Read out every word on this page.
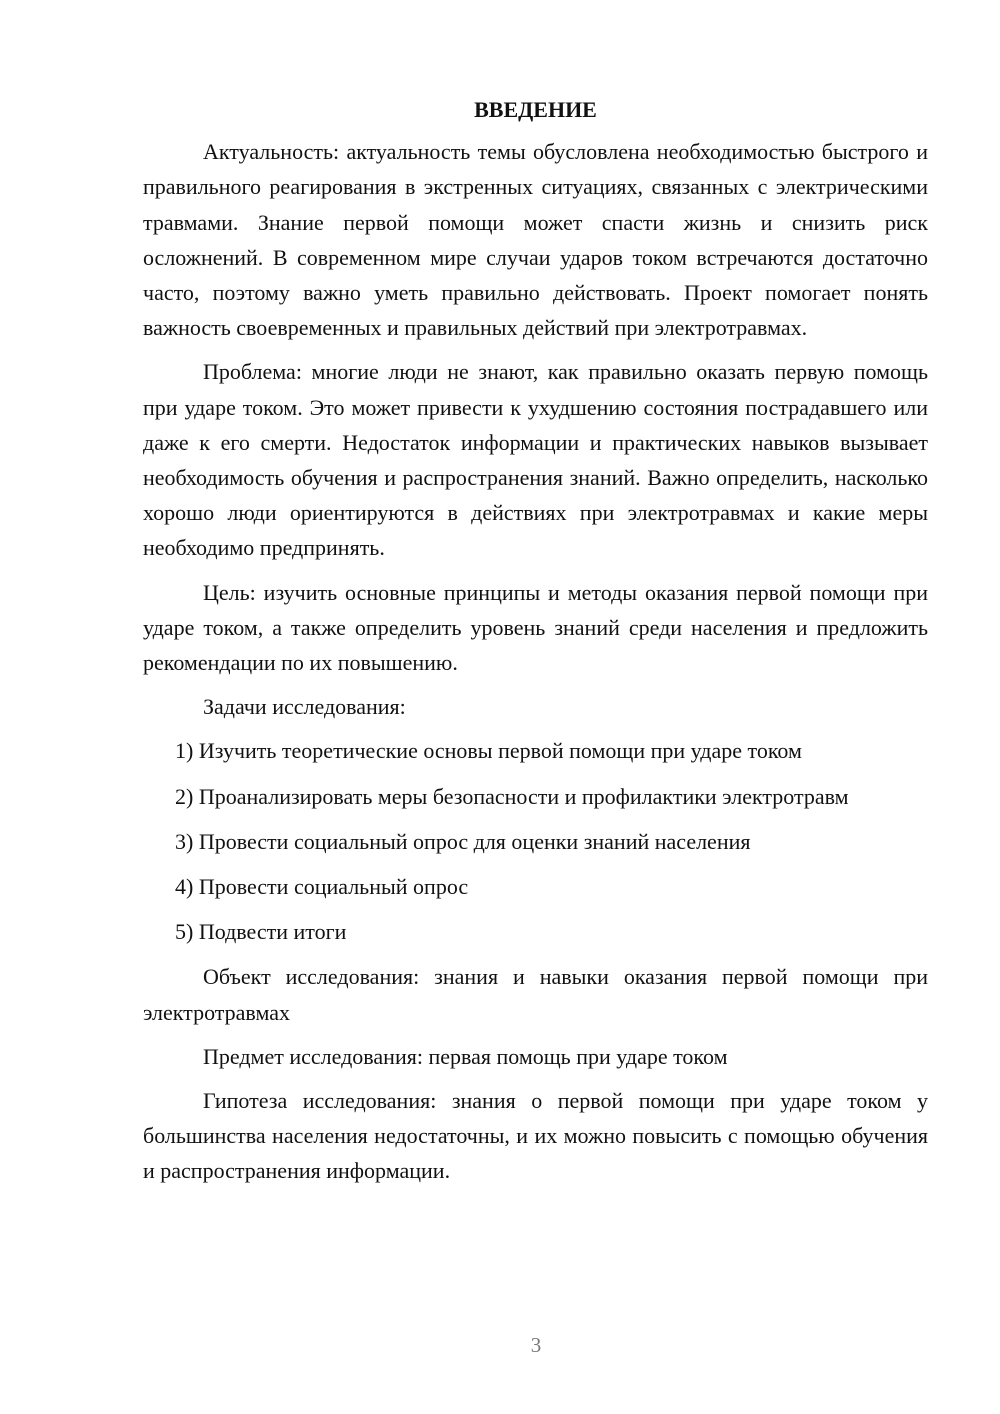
ВВЕДЕНИЕ

Актуальность: актуальность темы обусловлена необходимостью быстрого и правильного реагирования в экстренных ситуациях, связанных с электрическими травмами. Знание первой помощи может спасти жизнь и снизить риск осложнений. В современном мире случаи ударов током встречаются достаточно часто, поэтому важно уметь правильно действовать. Проект помогает понять важность своевременных и правильных действий при электротравмах.

Проблема: многие люди не знают, как правильно оказать первую помощь при ударе током. Это может привести к ухудшению состояния пострадавшего или даже к его смерти. Недостаток информации и практических навыков вызывает необходимость обучения и распространения знаний. Важно определить, насколько хорошо люди ориентируются в действиях при электротравмах и какие меры необходимо предпринять.

Цель: изучить основные принципы и методы оказания первой помощи при ударе током, а также определить уровень знаний среди населения и предложить рекомендации по их повышению.

Задачи исследования:

1) Изучить теоретические основы первой помощи при ударе током

2) Проанализировать меры безопасности и профилактики электротравм

3) Провести социальный опрос для оценки знаний населения

4) Провести социальный опрос

5) Подвести итоги

Объект исследования: знания и навыки оказания первой помощи при электротравмах

Предмет исследования: первая помощь при ударе током

Гипотеза исследования: знания о первой помощи при ударе током у большинства населения недостаточны, и их можно повысить с помощью обучения и распространения информации.

3
